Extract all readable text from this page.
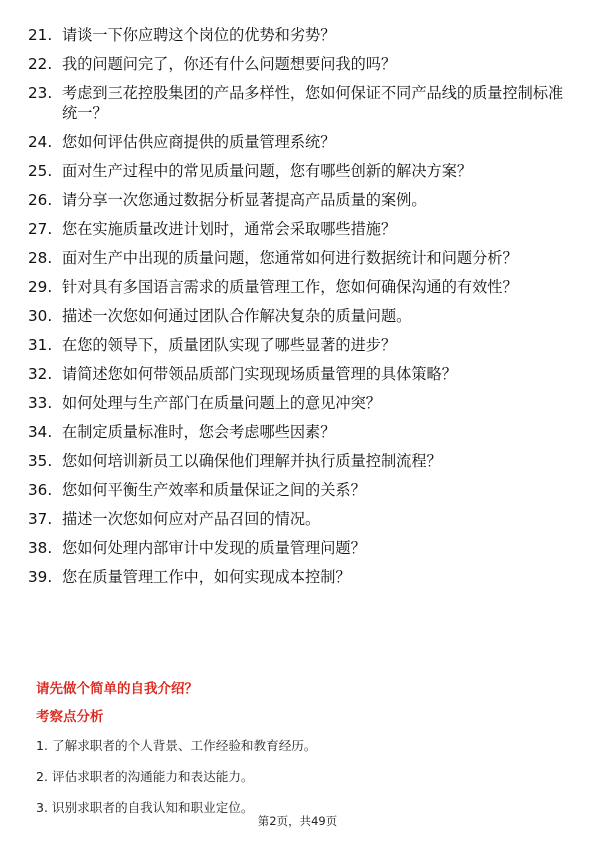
21. 请谈一下你应聘这个岗位的优势和劣势？
22. 我的问题问完了，你还有什么问题想要问我的吗？
23. 考虑到三花控股集团的产品多样性，您如何保证不同产品线的质量控制标准统一？
24. 您如何评估供应商提供的质量管理系统？
25. 面对生产过程中的常见质量问题，您有哪些创新的解决方案？
26. 请分享一次您通过数据分析显著提高产品质量的案例。
27. 您在实施质量改进计划时，通常会采取哪些措施？
28. 面对生产中出现的质量问题，您通常如何进行数据统计和问题分析？
29. 针对具有多国语言需求的质量管理工作，您如何确保沟通的有效性？
30. 描述一次您如何通过团队合作解决复杂的质量问题。
31. 在您的领导下，质量团队实现了哪些显著的进步？
32. 请简述您如何带领品质部门实现现场质量管理的具体策略？
33. 如何处理与生产部门在质量问题上的意见冲突？
34. 在制定质量标准时，您会考虑哪些因素？
35. 您如何培训新员工以确保他们理解并执行质量控制流程？
36. 您如何平衡生产效率和质量保证之间的关系？
37. 描述一次您如何应对产品召回的情况。
38. 您如何处理内部审计中发现的质量管理问题？
39. 您在质量管理工作中，如何实现成本控制？
请先做个简单的自我介绍？
考察点分析
1. 了解求职者的个人背景、工作经验和教育经历。
2. 评估求职者的沟通能力和表达能力。
3. 识别求职者的自我认知和职业定位。
第2页，共49页
